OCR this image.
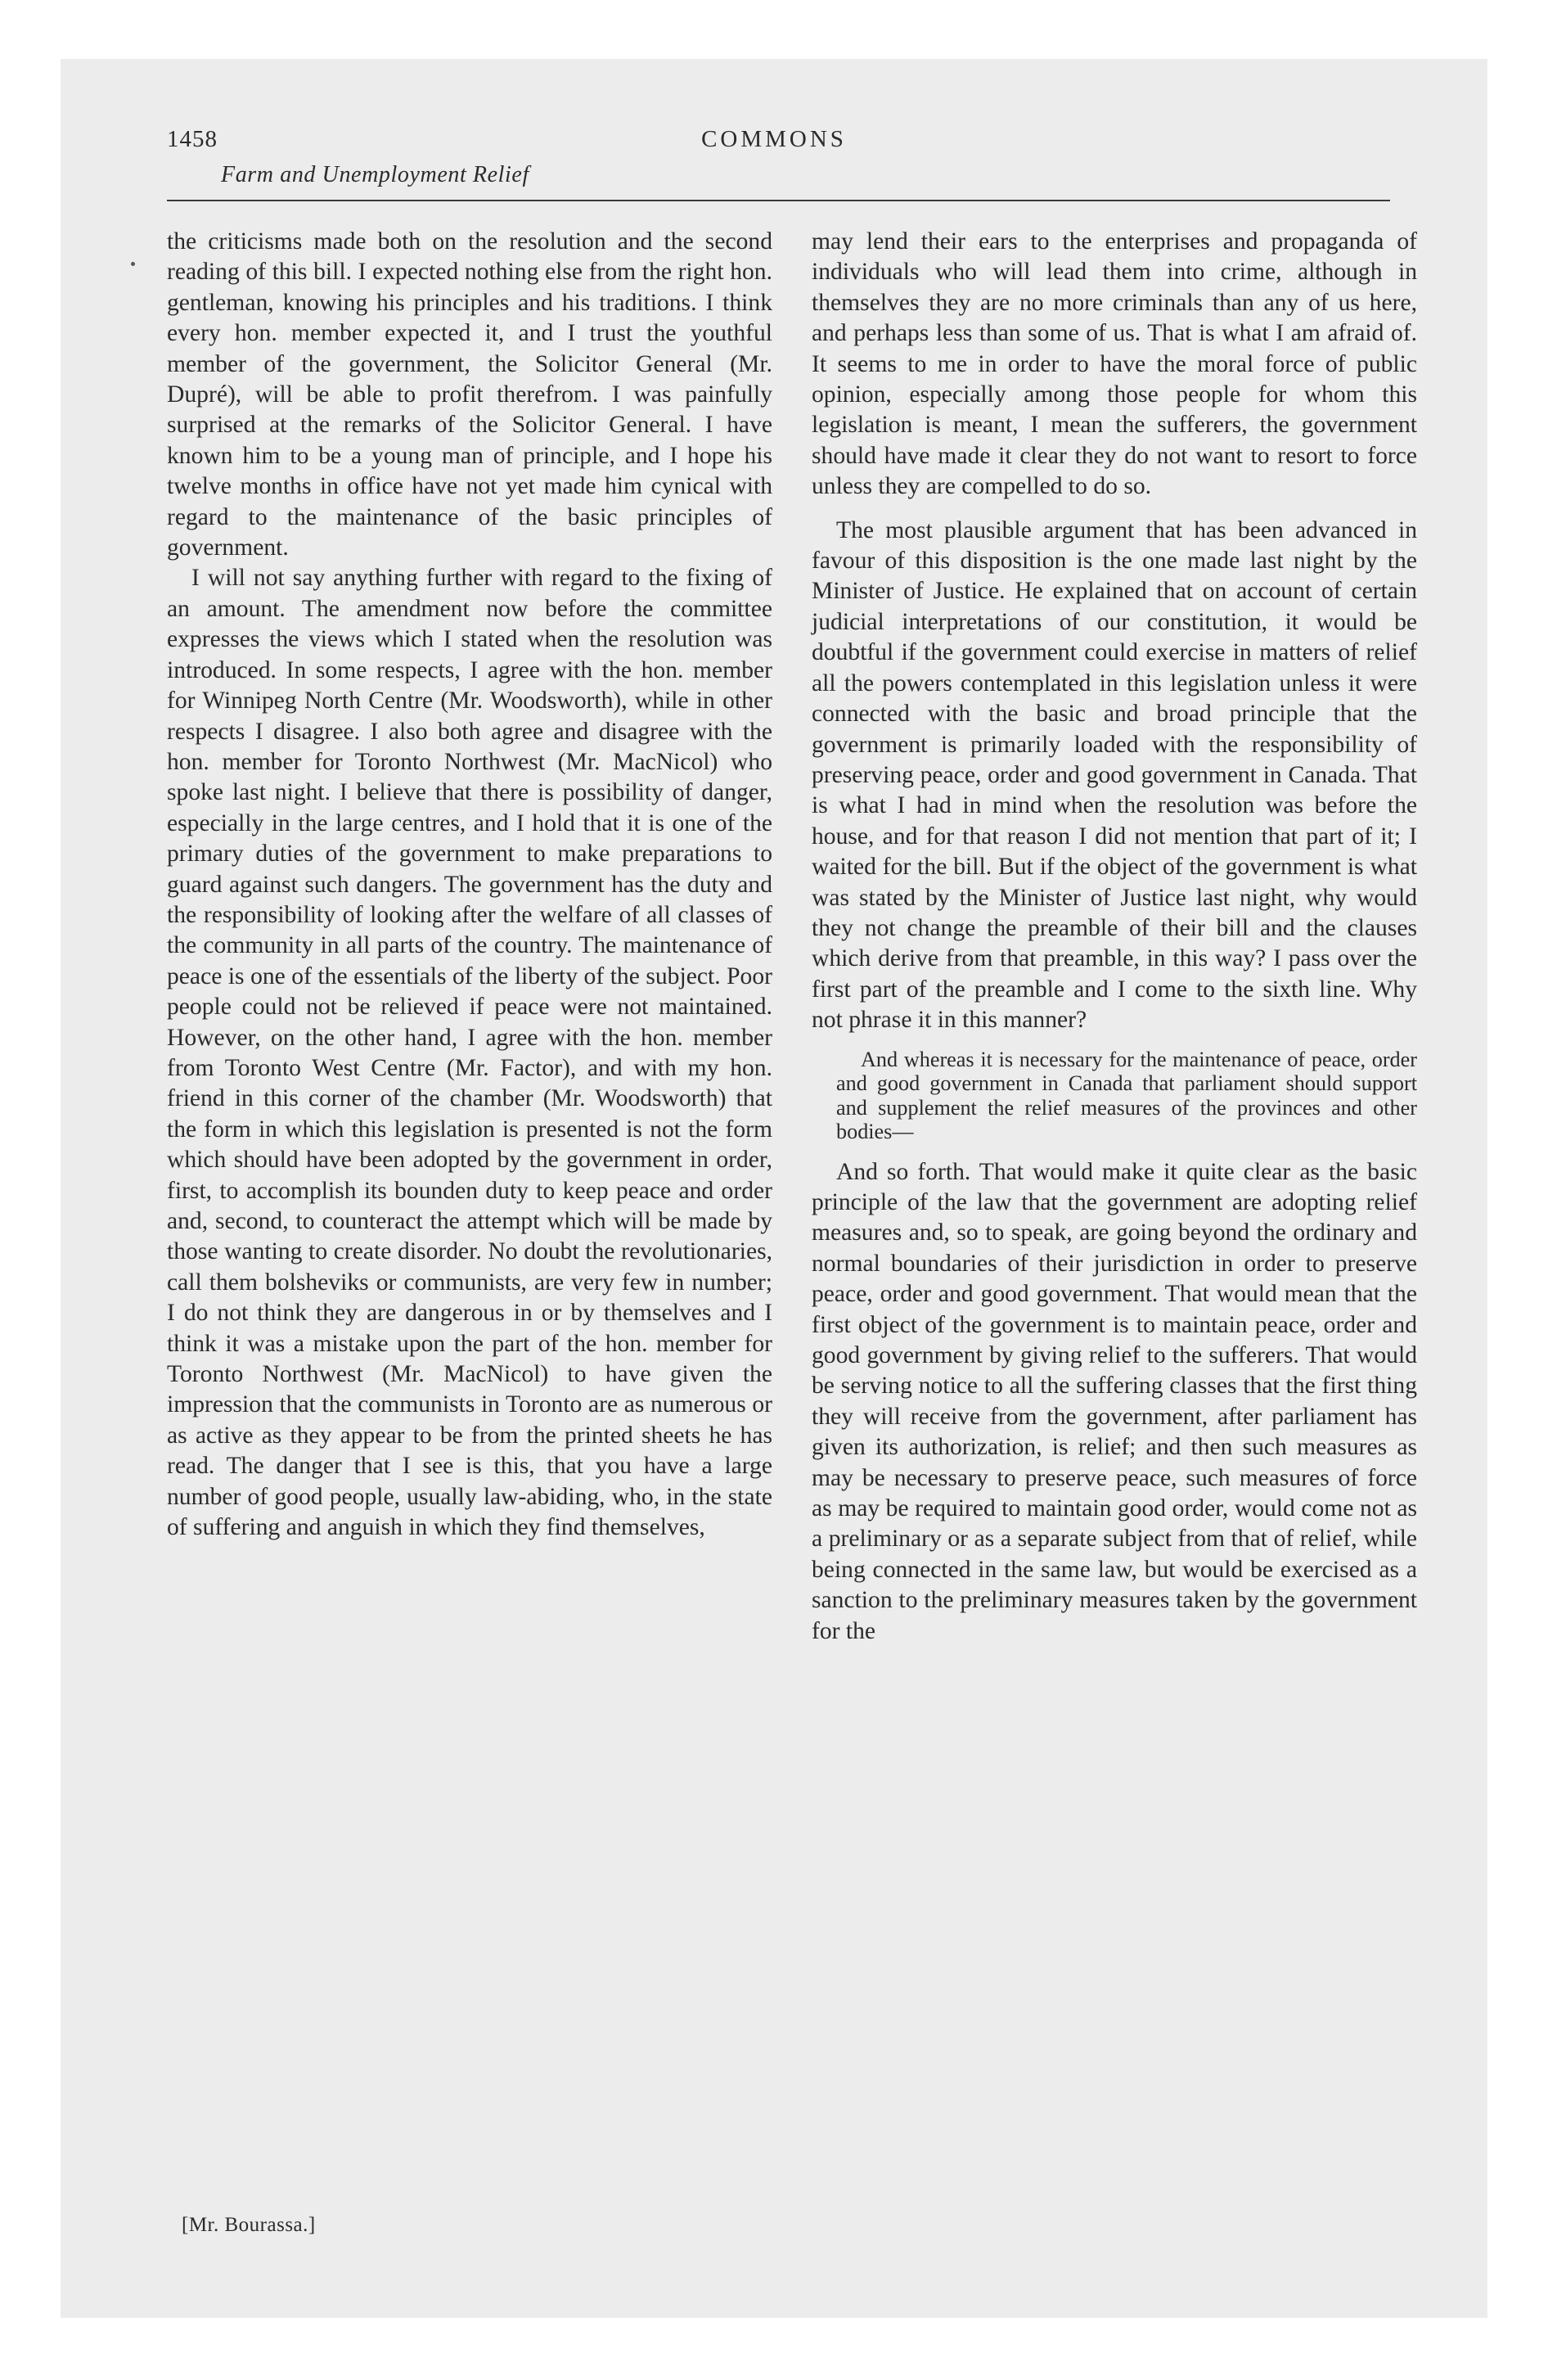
1458	COMMONS
Farm and Unemployment Relief

the criticisms made both on the resolution and the second reading of this bill. I expected nothing else from the right hon. gentleman, knowing his principles and his traditions. I think every hon. member expected it, and I trust the youthful member of the government, the Solicitor General (Mr. Dupré), will be able to profit therefrom. I was painfully surprised at the remarks of the Solicitor General. I have known him to be a young man of principle, and I hope his twelve months in office have not yet made him cynical with regard to the maintenance of the basic principles of government.

I will not say anything further with regard to the fixing of an amount. The amendment now before the committee expresses the views which I stated when the resolution was introduced. In some respects, I agree with the hon. member for Winnipeg North Centre (Mr. Woodsworth), while in other respects I disagree. I also both agree and disagree with the hon. member for Toronto Northwest (Mr. MacNicol) who spoke last night. I believe that there is possibility of danger, especially in the large centres, and I hold that it is one of the primary duties of the government to make preparations to guard against such dangers. The government has the duty and the responsibility of looking after the welfare of all classes of the community in all parts of the country. The maintenance of peace is one of the essentials of the liberty of the subject. Poor people could not be relieved if peace were not maintained. However, on the other hand, I agree with the hon. member from Toronto West Centre (Mr. Factor), and with my hon. friend in this corner of the chamber (Mr. Woodsworth) that the form in which this legislation is presented is not the form which should have been adopted by the government in order, first, to accomplish its bounden duty to keep peace and order and, second, to counteract the attempt which will be made by those wanting to create disorder. No doubt the revolutionaries, call them bolsheviks or communists, are very few in number; I do not think they are dangerous in or by themselves and I think it was a mistake upon the part of the hon. member for Toronto Northwest (Mr. MacNicol) to have given the impression that the communists in Toronto are as numerous or as active as they appear to be from the printed sheets he has read. The danger that I see is this, that you have a large number of good people, usually law-abiding, who, in the state of suffering and anguish in which they find themselves,

may lend their ears to the enterprises and propaganda of individuals who will lead them into crime, although in themselves they are no more criminals than any of us here, and perhaps less than some of us. That is what I am afraid of. It seems to me in order to have the moral force of public opinion, especially among those people for whom this legislation is meant, I mean the sufferers, the government should have made it clear they do not want to resort to force unless they are compelled to do so.

The most plausible argument that has been advanced in favour of this disposition is the one made last night by the Minister of Justice. He explained that on account of certain judicial interpretations of our constitution, it would be doubtful if the government could exercise in matters of relief all the powers contemplated in this legislation unless it were connected with the basic and broad principle that the government is primarily loaded with the responsibility of preserving peace, order and good government in Canada. That is what I had in mind when the resolution was before the house, and for that reason I did not mention that part of it; I waited for the bill. But if the object of the government is what was stated by the Minister of Justice last night, why would they not change the preamble of their bill and the clauses which derive from that preamble, in this way? I pass over the first part of the preamble and I come to the sixth line. Why not phrase it in this manner?

And whereas it is necessary for the maintenance of peace, order and good government in Canada that parliament should support and supplement the relief measures of the provinces and other bodies—

And so forth. That would make it quite clear as the basic principle of the law that the government are adopting relief measures and, so to speak, are going beyond the ordinary and normal boundaries of their jurisdiction in order to preserve peace, order and good government. That would mean that the first object of the government is to maintain peace, order and good government by giving relief to the sufferers. That would be serving notice to all the suffering classes that the first thing they will receive from the government, after parliament has given its authorization, is relief; and then such measures as may be necessary to preserve peace, such measures of force as may be required to maintain good order, would come not as a preliminary or as a separate subject from that of relief, while being connected in the same law, but would be exercised as a sanction to the preliminary measures taken by the government for the

[Mr. Bourassa.]
